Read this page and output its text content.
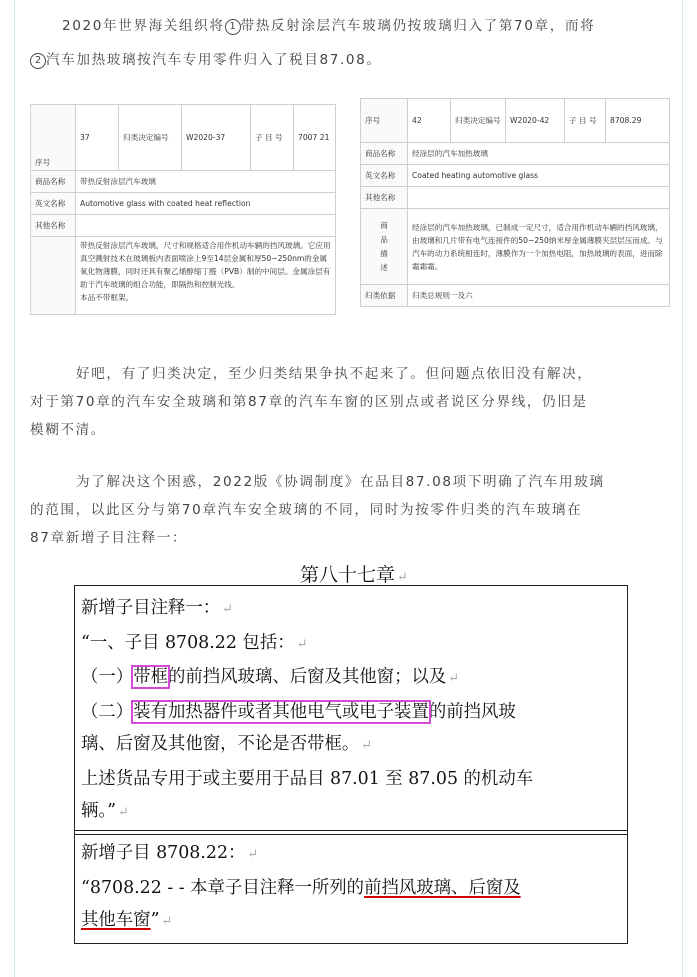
2020年世界海关组织将 1 带热反射涂层汽车玻璃仍按玻璃归入了第70章，而将

2 汽车加热玻璃按汽车专用零件归入了税目87.08。

序号	37	归类决定编号	W2020-37	子 目 号	7007 21
商品名称	带热反射涂层汽车玻璃				
英文名称	Automotive glass with coated heat reflection				
其他名称					

	带热反射涂层汽车玻璃，尺寸和规格适合用作机动车辆的挡风玻璃。它应用真空溅射技术在玻璃板内表面喷涂上9至14层金属和厚50~250nm的金属氧化物薄膜，同时还具有聚乙烯醇缩丁醛（PVB）制的中间层。金属涂层有助于汽车玻璃的组合功能，即隔热和控制光线。
本品不带框架。				
序号	42	归类决定编号	W2020-42	子 目 号	8708.29
商品名称	经涂层的汽车加热玻璃				
英文名称	Coated heating automotive glass				
其他名称					

商
品
描
述	经涂层的汽车加热玻璃，已制成一定尺寸，适合用作机动车辆的挡风玻璃，由玻璃和几片带有电气连接件的50~250纳米厚金属薄膜夹层层压而成。与汽车的动力系统相连时，薄膜作为一个加热电阻，加热玻璃的表面，进而除霜霜霜。				
归类依据	归类总规则一及六				

好吧，有了归类决定，至少归类结果争执不起来了。但问题点依旧没有解决，

对于第70章的汽车安全玻璃和第87章的汽车车窗的区别点或者说区分界线，仍旧是

模糊不清。

为了解决这个困惑，2022版《协调制度》在品目87.08项下明确了汽车用玻璃

的范围，以此区分与第70章汽车安全玻璃的不同，同时为按零件归类的汽车玻璃在

87章新增子目注释一：

第八十七章 ↵

新增子目注释一： ↵

“一、子目 8708.22 包括： ↵

（一）带框的前挡风玻璃、后窗及其他窗；以及 ↵

（二）装有加热器件或者其他电气或电子装置的前挡风玻

璃、后窗及其他窗，不论是否带框。 ↵

上述货品专用于或主要用于品目 87.01 至 87.05 的机动车

辆。” ↵

新增子目 8708.22： ↵

“8708.22 - - 本章子目注释一所列的前挡风玻璃、后窗及

其他车窗” ↵
